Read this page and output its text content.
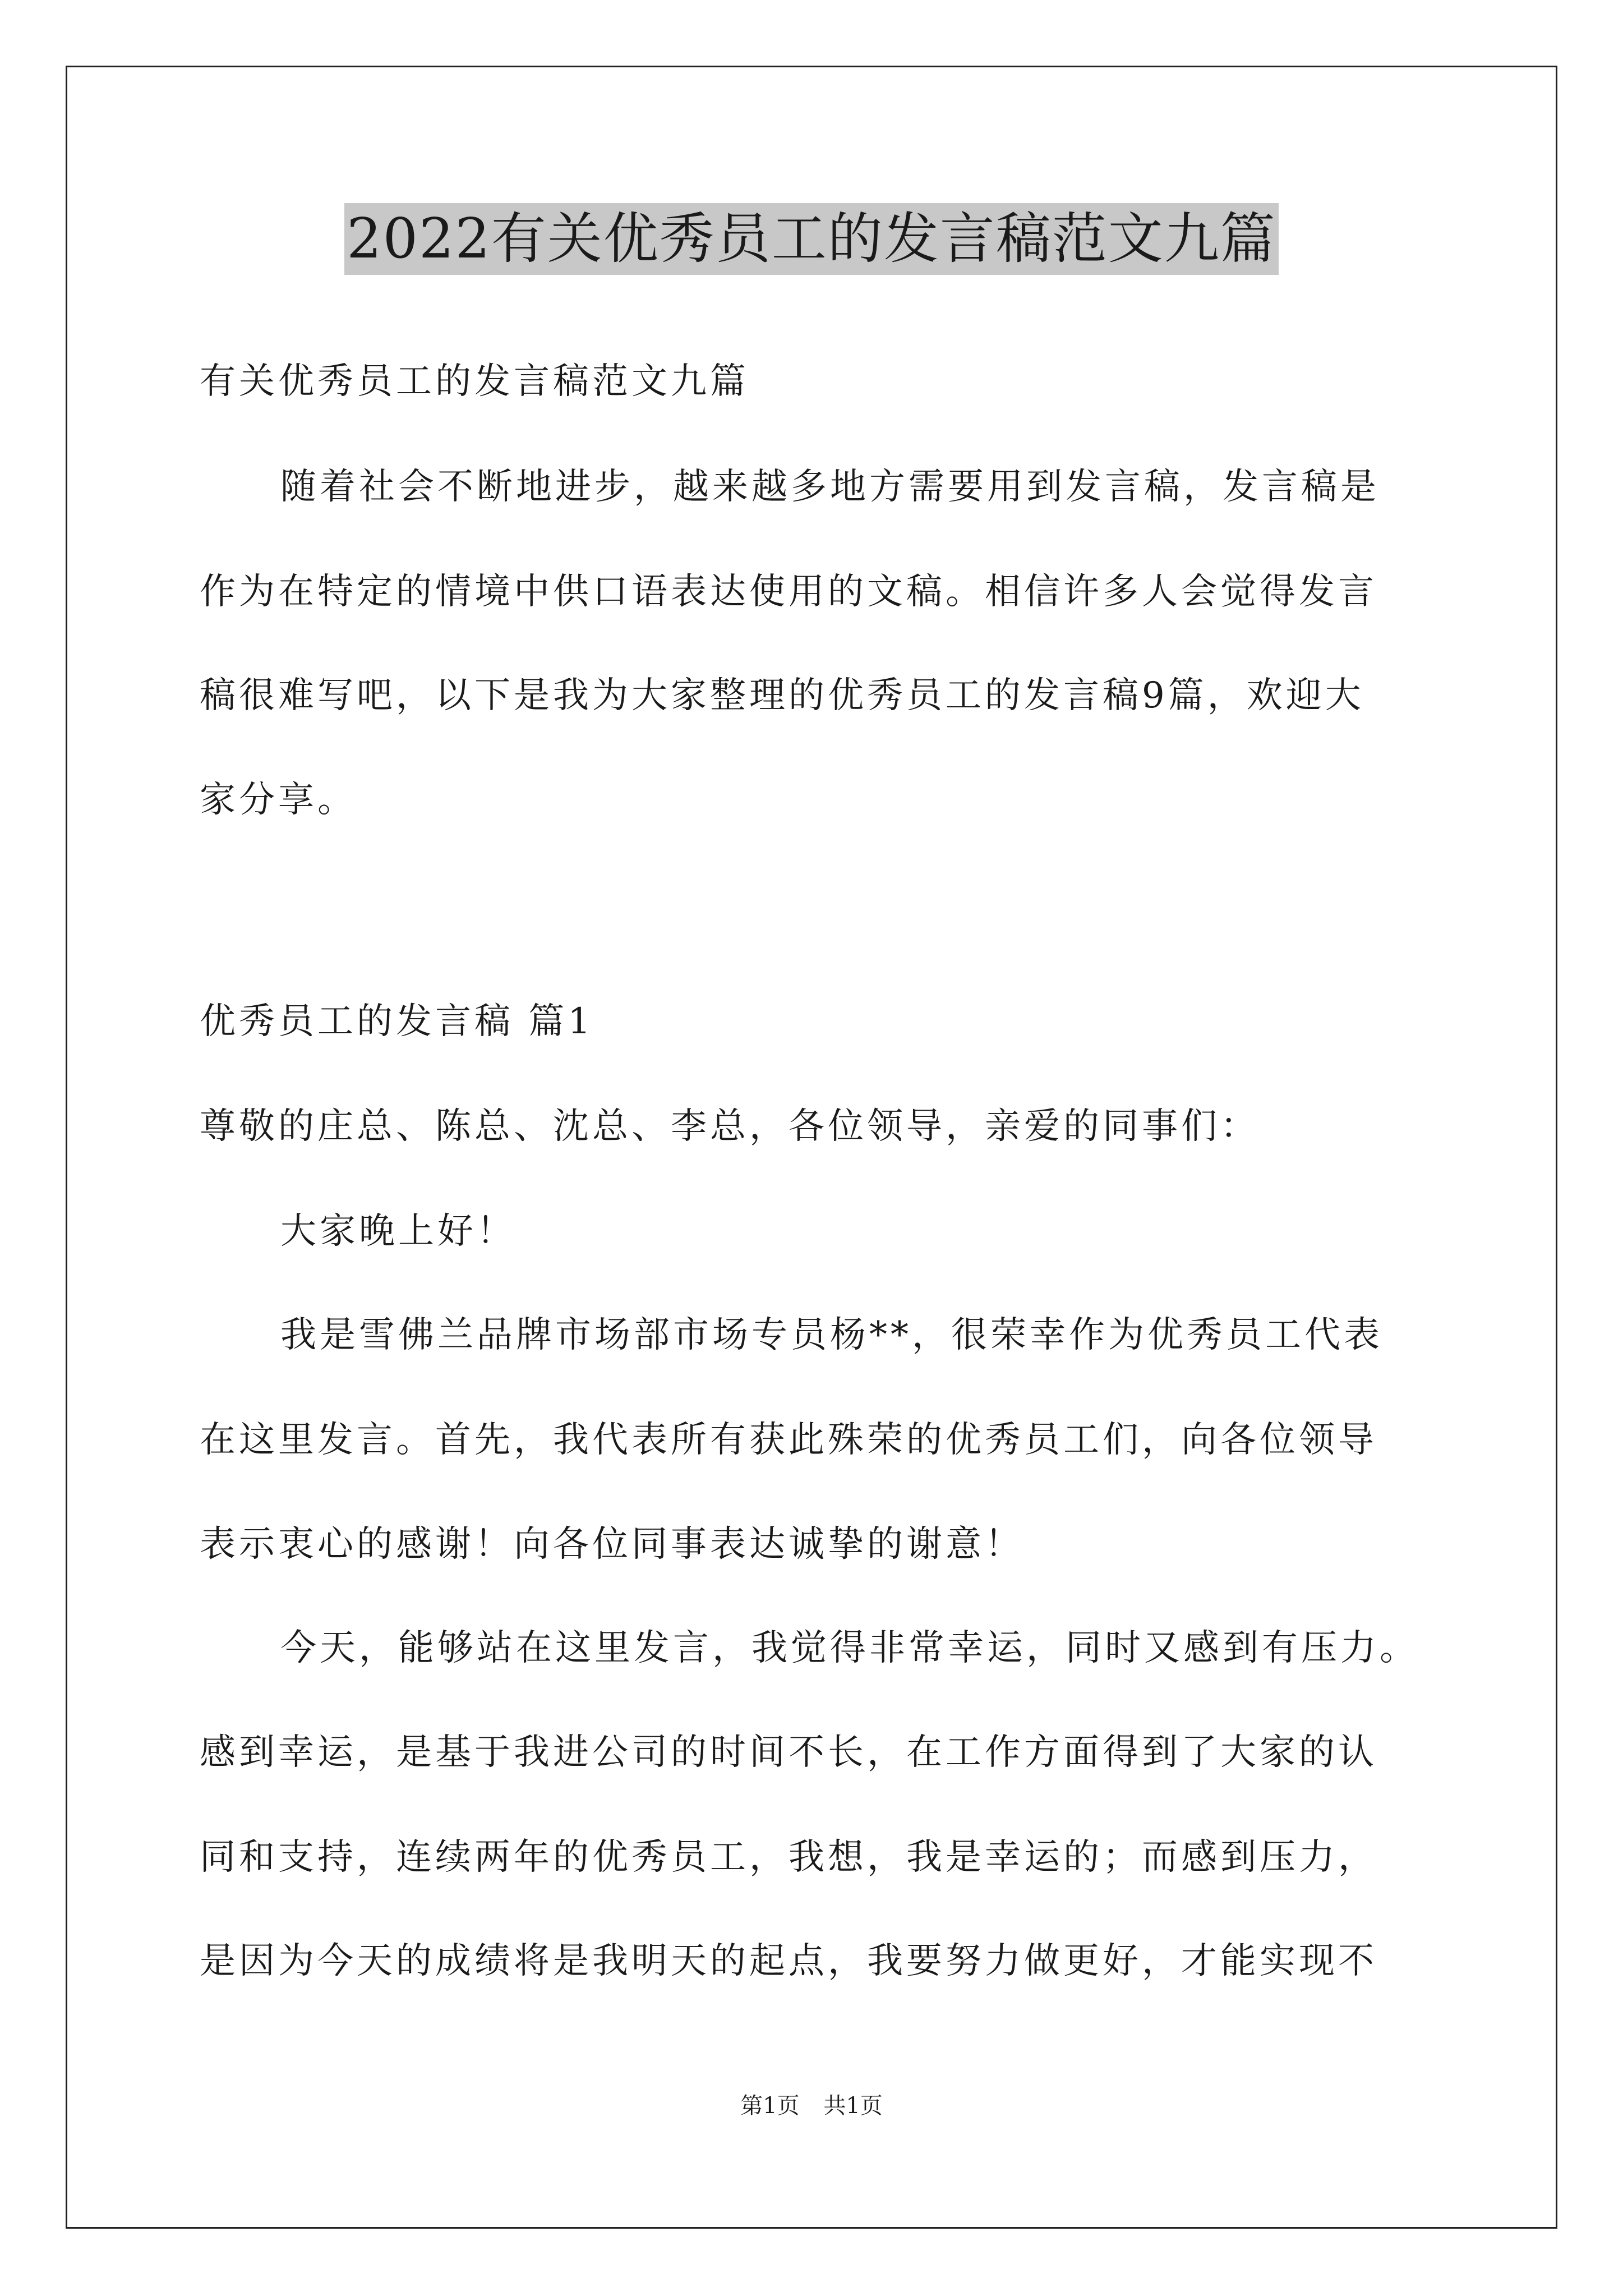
2022有关优秀员工的发言稿范文九篇
有关优秀员工的发言稿范文九篇
随着社会不断地进步，越来越多地方需要用到发言稿，发言稿是
作为在特定的情境中供口语表达使用的文稿。相信许多人会觉得发言
稿很难写吧，以下是我为大家整理的优秀员工的发言稿9篇，欢迎大
家分享。
优秀员工的发言稿 篇1
尊敬的庄总、陈总、沈总、李总，各位领导，亲爱的同事们：
大家晚上好！
我是雪佛兰品牌市场部市场专员杨**，很荣幸作为优秀员工代表
在这里发言。首先，我代表所有获此殊荣的优秀员工们，向各位领导
表示衷心的感谢！向各位同事表达诚挚的谢意！
今天，能够站在这里发言，我觉得非常幸运，同时又感到有压力。
感到幸运，是基于我进公司的时间不长，在工作方面得到了大家的认
同和支持，连续两年的优秀员工，我想，我是幸运的；而感到压力，
是因为今天的成绩将是我明天的起点，我要努力做更好，才能实现不
第1页 共1页
